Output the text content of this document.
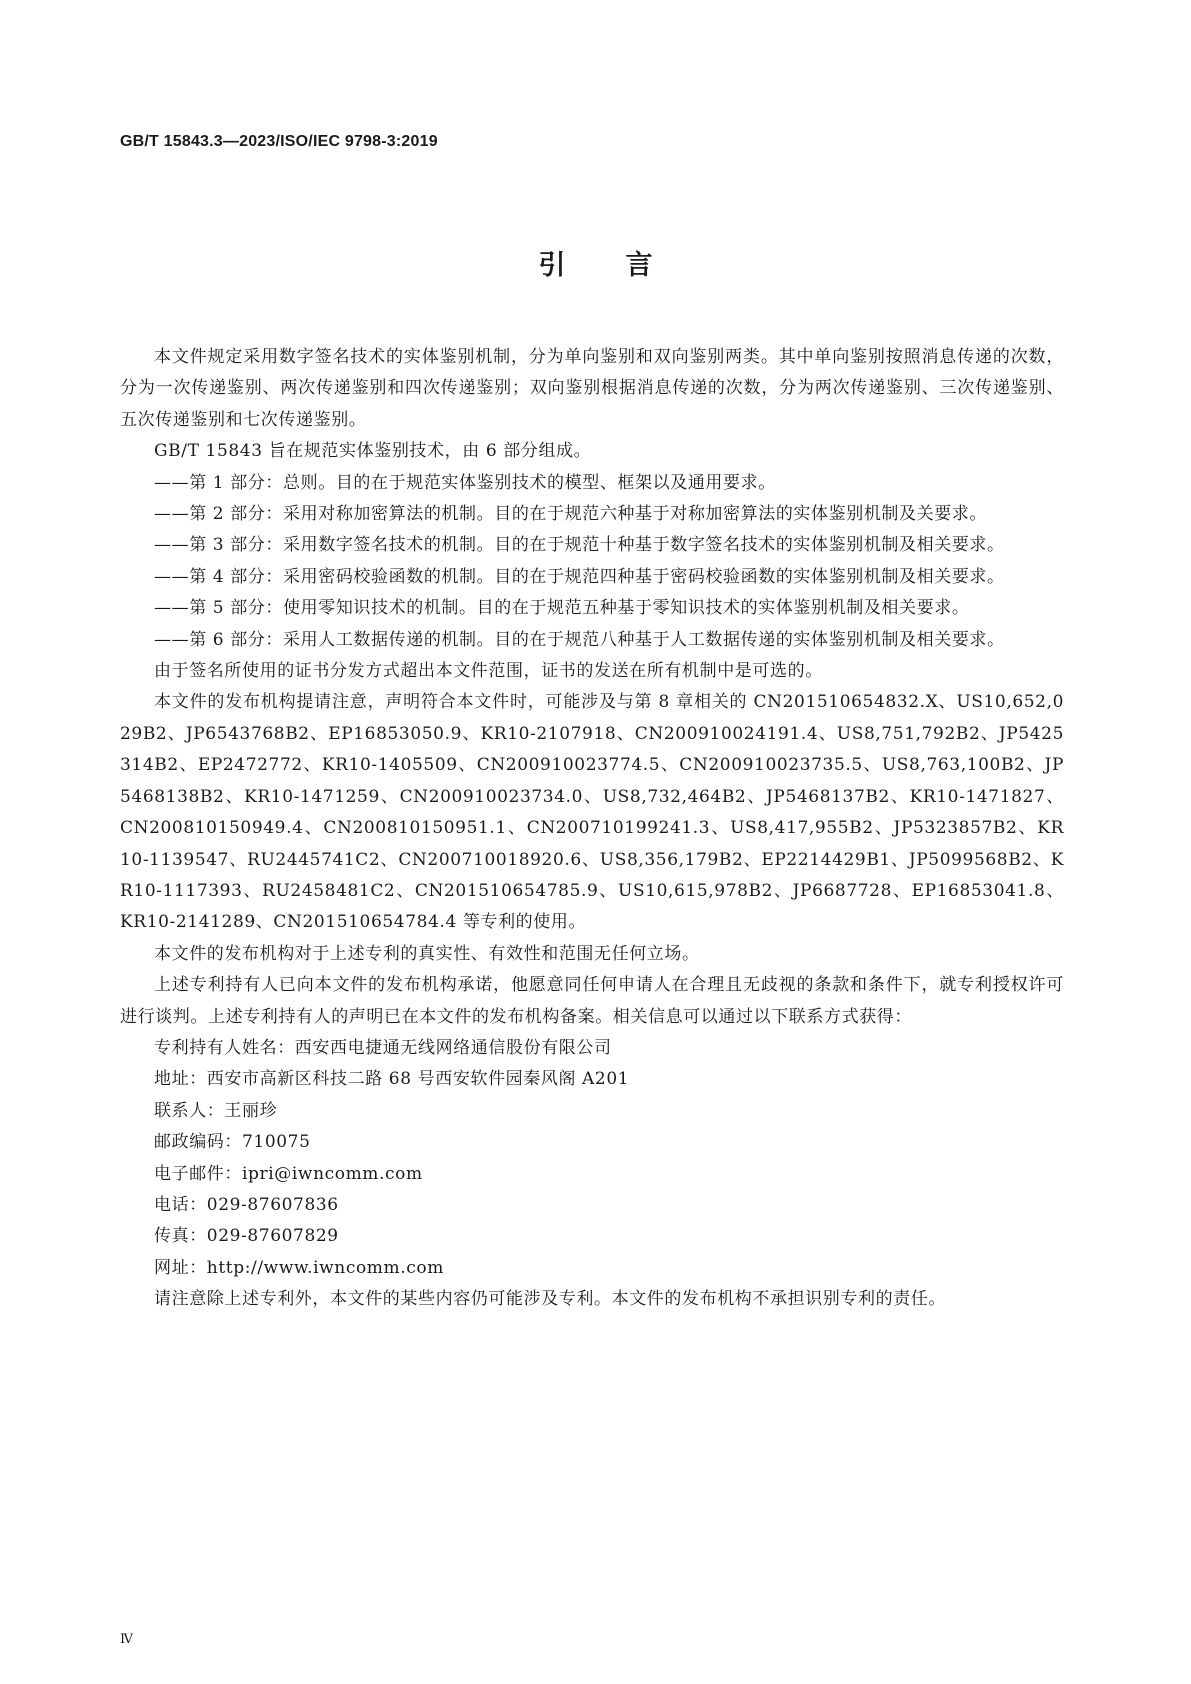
GB/T 15843.3—2023/ISO/IEC 9798-3:2019
引言

本文件规定采用数字签名技术的实体鉴别机制，分为单向鉴别和双向鉴别两类。其中单向鉴别按照消息传递的次数，分为一次传递鉴别、两次传递鉴别和四次传递鉴别；双向鉴别根据消息传递的次数，分为两次传递鉴别、三次传递鉴别、五次传递鉴别和七次传递鉴别。

GB/T 15843 旨在规范实体鉴别技术，由 6 部分组成。

——第 1 部分：总则。目的在于规范实体鉴别技术的模型、框架以及通用要求。

——第 2 部分：采用对称加密算法的机制。目的在于规范六种基于对称加密算法的实体鉴别机制及关要求。

——第 3 部分：采用数字签名技术的机制。目的在于规范十种基于数字签名技术的实体鉴别机制及相关要求。

——第 4 部分：采用密码校验函数的机制。目的在于规范四种基于密码校验函数的实体鉴别机制及相关要求。

——第 5 部分：使用零知识技术的机制。目的在于规范五种基于零知识技术的实体鉴别机制及相关要求。

——第 6 部分：采用人工数据传递的机制。目的在于规范八种基于人工数据传递的实体鉴别机制及相关要求。

由于签名所使用的证书分发方式超出本文件范围，证书的发送在所有机制中是可选的。

本文件的发布机构提请注意，声明符合本文件时，可能涉及与第 8 章相关的 CN201510654832.X、US10,652,029B2、JP6543768B2、EP16853050.9、KR10-2107918、CN200910024191.4、US8,751,792B2、JP5425314B2、EP2472772、KR10-1405509、CN200910023774.5、CN200910023735.5、US8,763,100B2、JP5468138B2、KR10-1471259、CN200910023734.0、US8,732,464B2、JP5468137B2、KR10-1471827、CN200810150949.4、CN200810150951.1、CN200710199241.3、US8,417,955B2、JP5323857B2、KR10-1139547、RU2445741C2、CN200710018920.6、US8,356,179B2、EP2214429B1、JP5099568B2、KR10-1117393、RU2458481C2、CN201510654785.9、US10,615,978B2、JP6687728、EP16853041.8、KR10-2141289、CN201510654784.4 等专利的使用。

本文件的发布机构对于上述专利的真实性、有效性和范围无任何立场。

上述专利持有人已向本文件的发布机构承诺，他愿意同任何申请人在合理且无歧视的条款和条件下，就专利授权许可进行谈判。上述专利持有人的声明已在本文件的发布机构备案。相关信息可以通过以下联系方式获得：

专利持有人姓名：西安西电捷通无线网络通信股份有限公司

地址：西安市高新区科技二路 68 号西安软件园秦风阁 A201

联系人：王丽珍

邮政编码：710075

电子邮件：ipri@iwncomm.com

电话：029-87607836

传真：029-87607829

网址：http://www.iwncomm.com

请注意除上述专利外，本文件的某些内容仍可能涉及专利。本文件的发布机构不承担识别专利的责任。

Ⅳ
